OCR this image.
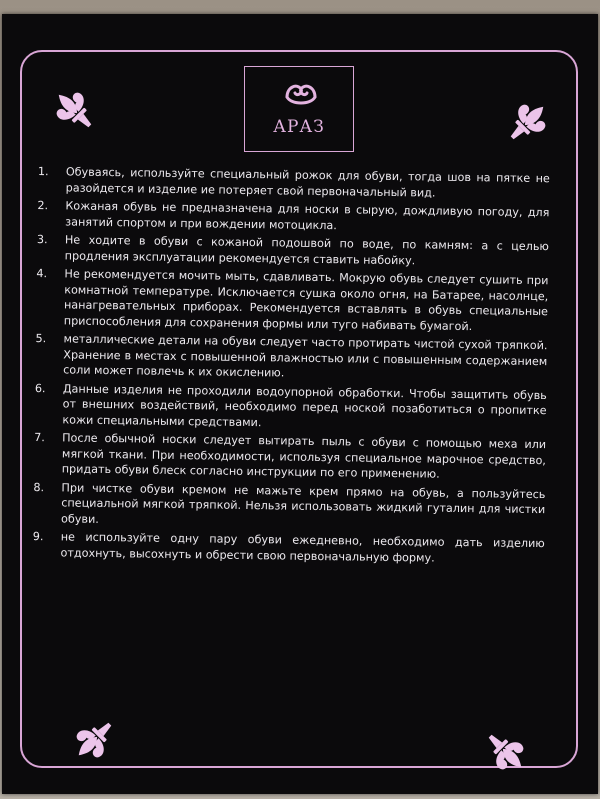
АРАЗ
1.	Обуваясь, используйте специальный рожок для обуви, тогда шов на пятке не разойдется и изделие ие потеряет свой первоначальный вид.
2.	Кожаная обувь не предназначена для носки в сырую, дождливую погоду, для занятий спортом и при вождении мотоцикла.
3.	Не ходите в обуви с кожаной подошвой по воде, по камням: а с целью продления эксплуатации рекомендуется ставить набойку.
4.	Не рекомендуется мочить мыть, сдавливать. Мокрую обувь следует сушить при комнатной температуре. Исключается сушка около огня, на Батарее, насолнце, нанагревательных приборах. Рекомендуется вставлять в обувь специальные приспособления для сохранения формы или туго набивать бумагой.
5.	металлические детали на обуви следует часто протирать чистой сухой тряпкой. Хранение в местах с повышенной влажностью или с повышенным содержанием соли может повлечь к их окислению.
6.	Данные изделия не проходили водоупорной обработки. Чтобы защитить обувь от внешних воздействий, необходимо перед ноской позаботиться о пропитке кожи специальными средствами.
7.	После обычной носки следует вытирать пыль с обуви с помощью меха или мягкой ткани. При необходимости, используя специальное марочное средство, придать обуви блеск согласно инструкции по его применению.
8.	При чистке обуви кремом не мажьте крем прямо на обувь, а пользуйтесь специальной мягкой тряпкой. Нельзя использовать жидкий гуталин для чистки обуви.
9.	не используйте одну пару обуви ежедневно, необходимо дать изделию отдохнуть, высохнуть и обрести свою первоначальную форму.
